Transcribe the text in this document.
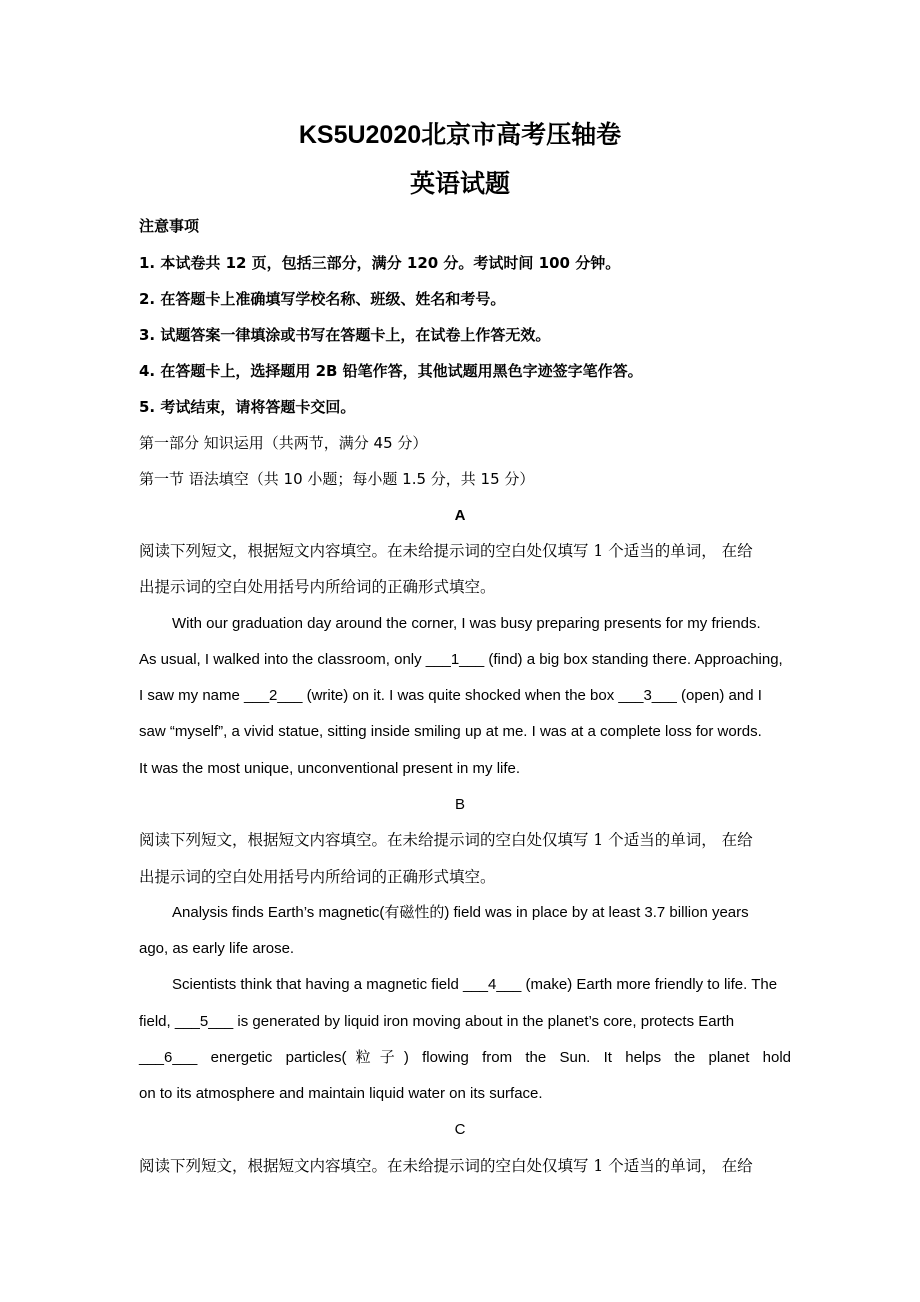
KS5U2020北京市高考压轴卷
英语试题
注意事项
1. 本试卷共 12 页，包括三部分，满分 120 分。考试时间 100 分钟。
2. 在答题卡上准确填写学校名称、班级、姓名和考号。
3. 试题答案一律填涂或书写在答题卡上，在试卷上作答无效。
4. 在答题卡上，选择题用 2B 铅笔作答，其他试题用黑色字迹签字笔作答。
5. 考试结束，请将答题卡交回。
第一部分 知识运用（共两节，满分 45 分）
第一节 语法填空（共 10 小题；每小题 1.5 分，共 15 分）
A
阅读下列短文，根据短文内容填空。在未给提示词的空白处仅填写 1 个适当的单词， 在给
出提示词的空白处用括号内所给词的正确形式填空。
With our graduation day around the corner, I was busy preparing presents for my friends.
As usual, I walked into the classroom, only ___1___ (find) a big box standing there. Approaching,
I saw my name ___2___ (write) on it. I was quite shocked when the box ___3___ (open) and I
saw “myself”, a vivid statue, sitting inside smiling up at me. I was at a complete loss for words.
It was the most unique, unconventional present in my life.
B
阅读下列短文，根据短文内容填空。在未给提示词的空白处仅填写 1 个适当的单词， 在给
出提示词的空白处用括号内所给词的正确形式填空。
Analysis finds Earth’s magnetic(有磁性的) field was in place by at least 3.7 billion years
ago, as early life arose.
Scientists think that having a magnetic field ___4___ (make) Earth more friendly to life. The
field, ___5___ is generated by liquid iron moving about in the planet’s core, protects Earth
___6___ energetic particles(粒子) flowing from the Sun. It helps the planet hold
on to its atmosphere and maintain liquid water on its surface.
C
阅读下列短文，根据短文内容填空。在未给提示词的空白处仅填写 1 个适当的单词， 在给
